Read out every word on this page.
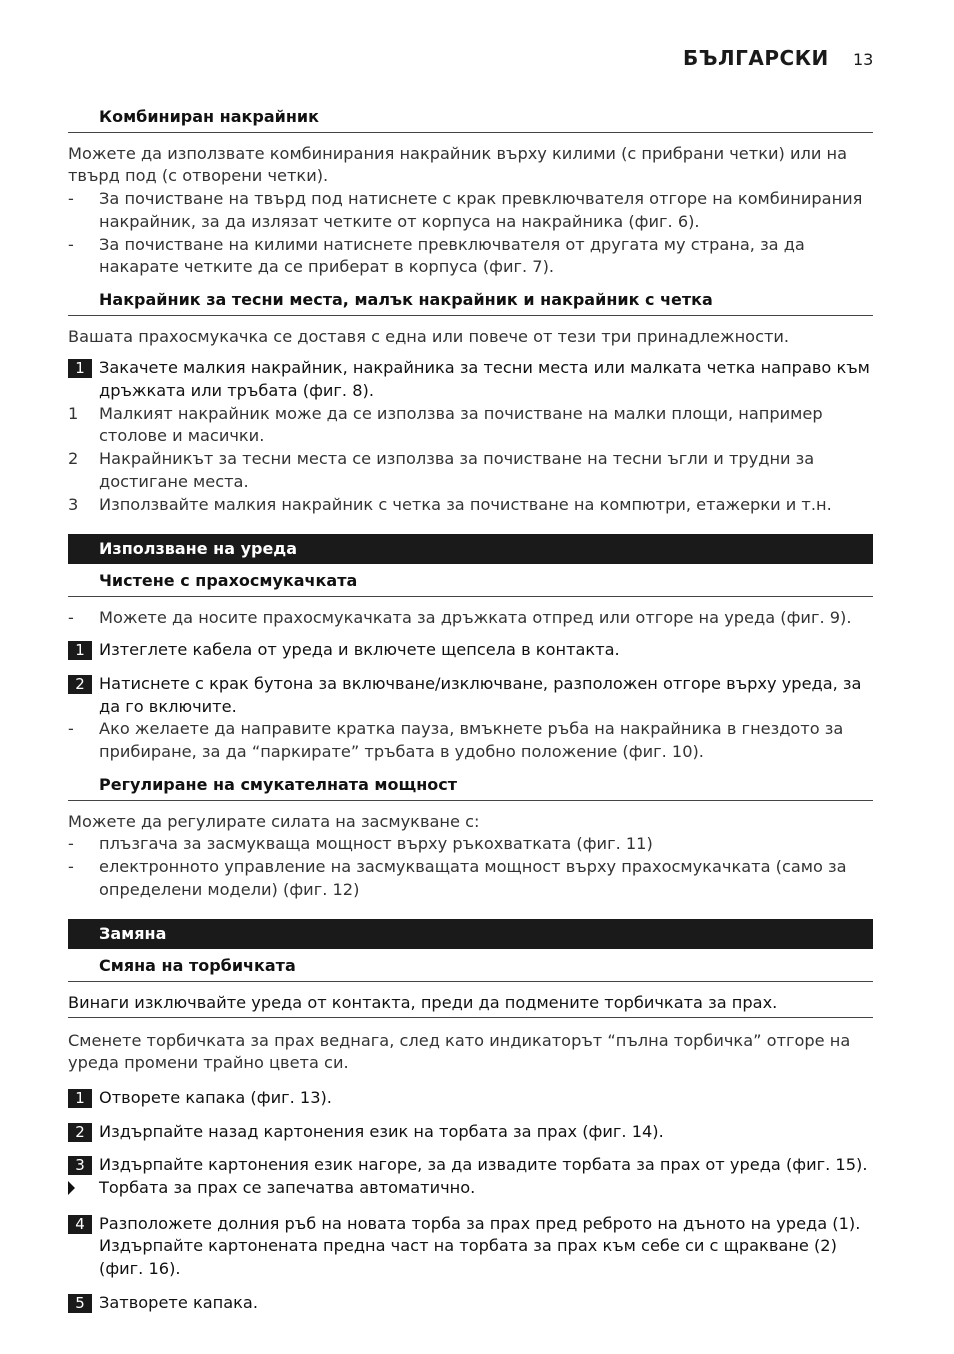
БЪЛГАРСКИ 13
Комбиниран накрайник

Можете да използвате комбинирания накрайник върху килими (с прибрани четки) или на твърд под (с отворени четки).

-	За почистване на твърд под натиснете с крак превключвателя отгоре на комбинирания накрайник, за да излязат четките от корпуса на накрайника (фиг. 6).
-	За почистване на килими натиснете превключвателя от другата му страна, за да накарате четките да се приберат в корпуса (фиг. 7).
Накрайник за тесни места, малък накрайник и накрайник с четка

Вашата прахосмукачка се доставя с една или повече от тези три принадлежности.

1 Закачете малкия накрайник, накрайника за тесни места или малката четка направо към дръжката или тръбата (фиг. 8).
1	Малкият накрайник може да се използва за почистване на малки площи, например столове и масички.
2	Накрайникът за тесни места се използва за почистване на тесни ъгли и трудни за достигане места.
3	Използвайте малкия накрайник с четка за почистване на компютри, етажерки и т.н.
Използване на уреда
Чистене с прахосмукачката
-	Можете да носите прахосмукачката за дръжката отпред или отгоре на уреда (фиг. 9).
1 Изтеглете кабела от уреда и включете щепсела в контакта.
2 Натиснете с крак бутона за включване/изключване, разположен отгоре върху уреда, за да го включите.
-	Ако желаете да направите кратка пауза, вмъкнете ръба на накрайника в гнездото за прибиране, за да “паркирате” тръбата в удобно положение (фиг. 10).
Регулиране на смукателната мощност

Можете да регулирате силата на засмукване с:

-	плъзгача за засмукваща мощност върху ръкохватката (фиг. 11)
-	електронното управление на засмукващата мощност върху прахосмукачката (само за определени модели) (фиг. 12)
Замяна
Смяна на торбичката
Винаги изключвайте уреда от контакта, преди да подмените торбичката за прах.

Сменете торбичката за прах веднага, след като индикаторът “пълна торбичка” отгоре на уреда промени трайно цвета си.

1 Отворете капака (фиг. 13).
2 Издърпайте назад картонения език на торбата за прах (фиг. 14).
3 Издърпайте картонения език нагоре, за да извадите торбата за прах от уреда (фиг. 15).
Торбата за прах се запечатва автоматично.
4 Разположете долния ръб на новата торба за прах пред реброто на дъното на уреда (1). Издърпайте картонената предна част на торбата за прах към себе си с щракване (2) (фиг. 16).
5 Затворете капака.
